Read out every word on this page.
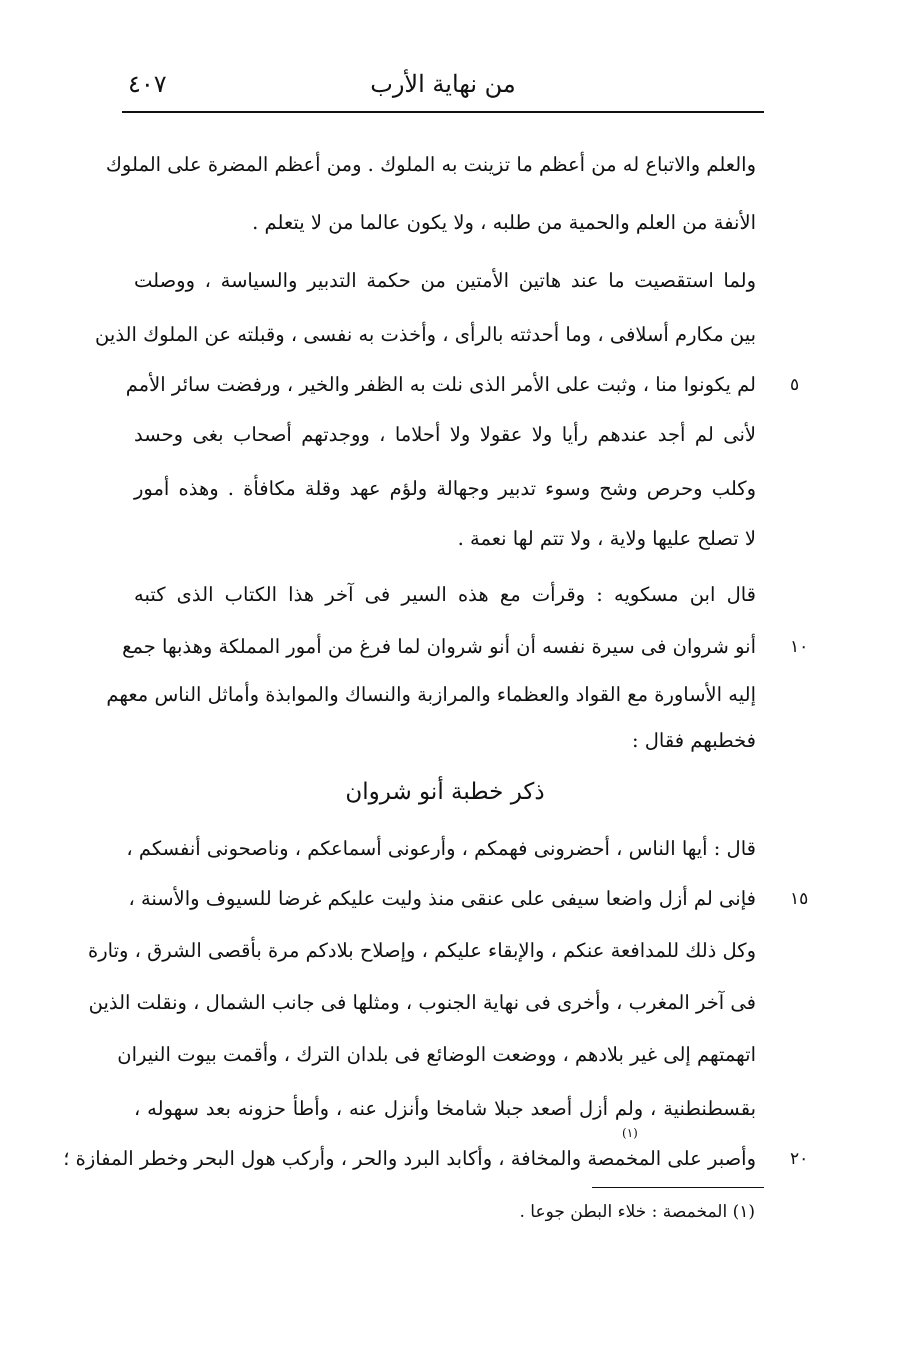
من نهاية الأرب
٤٠٧
والعلم والاتباع له من أعظم ما تزينت به الملوك . ومن أعظم المضرة على الملوك
الأنفة من العلم والحمية من طلبه ، ولا يكون عالما من لا يتعلم .
ولما استقصيت ما عند هاتين الأمتين من حكمة التدبير والسياسة ، ووصلت
بين مكارم أسلافى ، وما أحدثته بالرأى ، وأخذت به نفسى ، وقبلته عن الملوك الذين
لم يكونوا منا ، وثبت على الأمر الذى نلت به الظفر والخير ، ورفضت سائر الأمم
لأنى لم أجد عندهم رأيا ولا عقولا ولا أحلاما ، ووجدتهم أصحاب بغى وحسد
وكلب وحرص وشح وسوء تدبير وجهالة ولؤم عهد وقلة مكافأة . وهذه أمور
لا تصلح عليها ولاية ، ولا تتم لها نعمة .
قال ابن مسكويه : وقرأت مع هذه السير فى آخر هذا الكتاب الذى كتبه
أنو شروان فى سيرة نفسه أن أنو شروان لما فرغ من أمور المملكة وهذبها جمع
إليه الأساورة مع القواد والعظماء والمرازبة والنساك والموابذة وأماثل الناس معهم
فخطبهم فقال :
ذكر خطبة أنو شروان
قال : أيها الناس ، أحضرونى فهمكم ، وأرعونى أسماعكم ، وناصحونى أنفسكم ،
فإنى لم أزل واضعا سيفى على عنقى منذ وليت عليكم غرضا للسيوف والأسنة ،
وكل ذلك للمدافعة عنكم ، والإبقاء عليكم ، وإصلاح بلادكم مرة بأقصى الشرق ، وتارة
فى آخر المغرب ، وأخرى فى نهاية الجنوب ، ومثلها فى جانب الشمال ، ونقلت الذين
اتهمتهم إلى غير بلادهم ، ووضعت الوضائع فى بلدان الترك ، وأقمت بيوت النيران
بقسطنطنية ، ولم أزل أصعد جبلا شامخا وأنزل عنه ، وأطأ حزونه بعد سهوله ،
وأصبر على المخمصة والمخافة ، وأكابد البرد والحر ، وأركب هول البحر وخطر المفازة ؛
(١)
٥
١٠
١٥
٢٠
(١) المخمصة : خلاء البطن جوعا .
